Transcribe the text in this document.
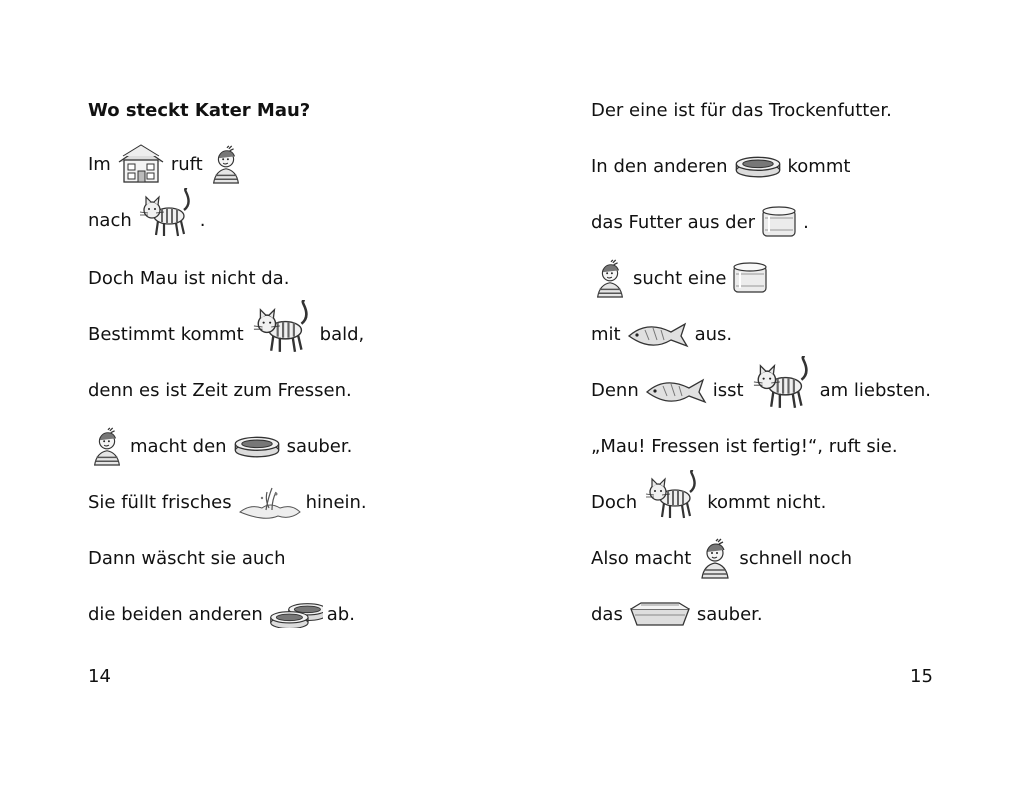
Wo steckt Kater Mau?
Im	ruft
nach	.
Doch Mau ist nicht da.
Bestimmt kommt	bald,
denn es ist Zeit zum Fressen.
macht den	sauber.
Sie füllt frisches	hinein.
Dann wäscht sie auch
die beiden anderen	ab.
14
Der eine ist für das Trockenfutter.
In den anderen	kommt
das Futter aus der	.
sucht eine
mit	aus.
Denn	isst	am liebsten.
„Mau! Fressen ist fertig!“, ruft sie.
Doch	kommt nicht.
Also macht	schnell noch
das	sauber.
15
